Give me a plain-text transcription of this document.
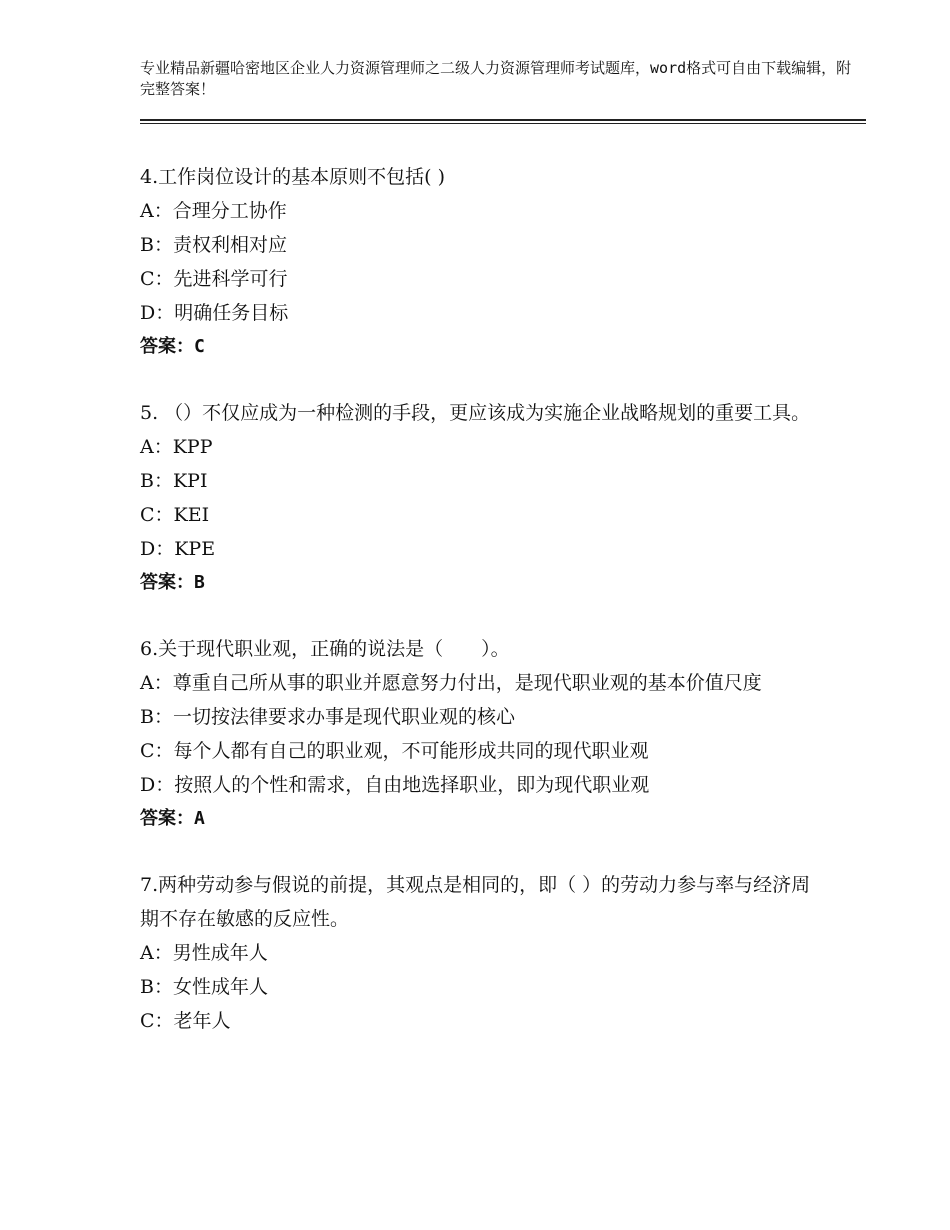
专业精品新疆哈密地区企业人力资源管理师之二级人力资源管理师考试题库，word格式可自由下载编辑，附完整答案！

4.工作岗位设计的基本原则不包括( )

A：合理分工协作

B：责权利相对应

C：先进科学可行

D：明确任务目标

答案：C

5. （）不仅应成为一种检测的手段，更应该成为实施企业战略规划的重要工具。

A：KPP

B：KPI

C：KEI

D：KPE

答案：B

6.关于现代职业观，正确的说法是（　　）。

A：尊重自己所从事的职业并愿意努力付出，是现代职业观的基本价值尺度

B：一切按法律要求办事是现代职业观的核心

C：每个人都有自己的职业观，不可能形成共同的现代职业观

D：按照人的个性和需求，自由地选择职业，即为现代职业观

答案：A

7.两种劳动参与假说的前提，其观点是相同的，即（ ）的劳动力参与率与经济周期不存在敏感的反应性。

A：男性成年人

B：女性成年人

C：老年人
